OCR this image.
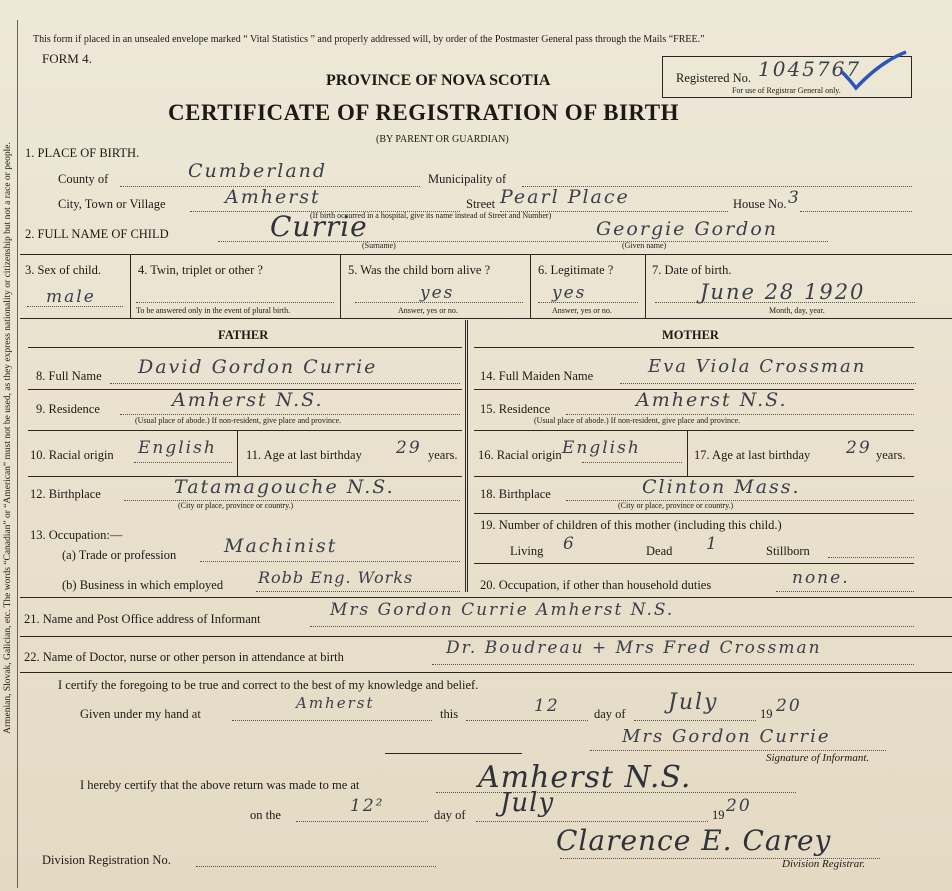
Armenian, Slovak, Galician, etc. The words “Canadian” or “American” must not be used, as they express nationality or citizenship but not a race or people.
This form if placed in an unsealed envelope marked “ Vital Statistics ” and properly addressed will, by order of the Postmaster General pass through the Mails “FREE.”
FORM 4.
Registered No. 1045767
For use of Registrar General only.
PROVINCE OF NOVA SCOTIA
CERTIFICATE OF REGISTRATION OF BIRTH
(BY PARENT OR GUARDIAN)
1. PLACE OF BIRTH.
County of	Cumberland	Municipality of
City, Town or Village	Amherst	Street Pearl Place	House No. 3
(If birth occurred in a hospital, give its name instead of Street and Number)
2. FULL NAME OF CHILD	Currie
(Surname)
Georgie Gordon
(Given name)
3. Sex of child.
male
4. Twin, triplet or other ?
To be answered only in the event of plural birth.
5. Was the child born alive ?
yes
Answer, yes or no.
6. Legitimate ?
yes
Answer, yes or no.
7. Date of birth.
June 28 1920
Month, day, year.
FATHER	MOTHER
8. Full Name David Gordon Currie	14. Full Maiden Name	Eva Viola Crossman
9. Residence	Amherst N.S.
(Usual place of abode.) If non-resident, give place and province.
15. Residence	Amherst N.S.
(Usual place of abode.) If non-resident, give place and province.
10. Racial origin English 11. Age at last birthday 29 years. 16. Racial origin English	17. Age at last birthday 29 years.
12. Birthplace	Tatamagouche N.S.
(City or place, province or country.)
18. Birthplace	Clinton Mass.
(City or place, province or country.)
13. Occupation:—
(a) Trade or profession	Machinist
(b) Business in which employed Robb Eng. Works
19. Number of children of this mother (including this child.)
Living 6	Dead 1	Stillborn
20. Occupation, if other than household duties	none.
21. Name and Post Office address of Informant	Mrs Gordon Currie Amherst N.S.
22. Name of Doctor, nurse or other person in attendance at birth	Dr. Boudreau + Mrs Fred Crossman
I certify the foregoing to be true and correct to the best of my knowledge and belief.
Given under my hand at
Amherst
this	12	day of July	19 20
Mrs Gordon Currie
Signature of Informant.
I hereby certify that the above return was made to me at	Amherst N.S.
on the	12²	day of July	19 20
Clarence E. Carey
Division Registrar.
Division Registration No.
